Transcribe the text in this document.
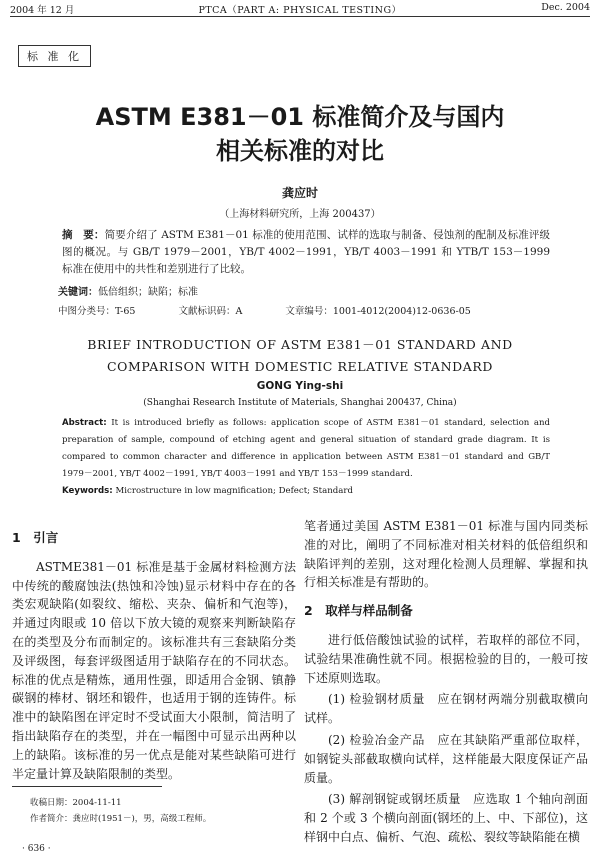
2004 年 12 月	PTCA（PART A: PHYSICAL TESTING）	Dec. 2004
标 准 化
ASTM E381－01 标准简介及与国内
相关标准的对比
龚应时
（上海材料研究所，上海 200437）
摘　要：简要介绍了 ASTM E381－01 标准的使用范围、试样的选取与制备、侵蚀剂的配制及标准评级图的概况。与 GB/T 1979－2001，YB/T 4002－1991，YB/T 4003－1991 和 YTB/T 153－1999 标准在使用中的共性和差别进行了比较。
关键词：低倍组织；缺陷；标准
中图分类号：T-65	文献标识码：A	文章编号：1001-4012(2004)12-0636-05
BRIEF INTRODUCTION OF ASTM E381－01 STANDARD AND
COMPARISON WITH DOMESTIC RELATIVE STANDARD
GONG Ying-shi
(Shanghai Research Institute of Materials, Shanghai 200437, China)
Abstract: It is introduced briefly as follows: application scope of ASTM E381－01 standard, selection and preparation of sample, compound of etching agent and general situation of standard grade diagram. It is compared to common character and difference in application between ASTM E381－01 standard and GB/T 1979－2001, YB/T 4002－1991, YB/T 4003－1991 and YB/T 153－1999 standard.
Keywords: Microstructure in low magnification; Defect; Standard
1　引言

ASTME381－01 标准是基于金属材料检测方法中传统的酸腐蚀法(热蚀和冷蚀)显示材料中存在的各类宏观缺陷(如裂纹、缩松、夹杂、偏析和气泡等)，并通过肉眼或 10 倍以下放大镜的观察来判断缺陷存在的类型及分布而制定的。该标准共有三套缺陷分类及评级图，每套评级图适用于缺陷存在的不同状态。标准的优点是精炼，通用性强，即适用合金钢、镇静碳钢的棒材、钢坯和锻件，也适用于钢的连铸件。标准中的缺陷图在评定时不受试面大小限制，简洁明了指出缺陷存在的类型，并在一幅图中可显示出两种以上的缺陷。该标准的另一优点是能对某些缺陷可进行半定量计算及缺陷限制的类型。

笔者通过美国 ASTM E381－01 标准与国内同类标准的对比，阐明了不同标准对相关材料的低倍组织和缺陷评判的差别，这对理化检测人员理解、掌握和执行相关标准是有帮助的。

2　取样与样品制备

进行低倍酸蚀试验的试样，若取样的部位不同，试验结果准确性就不同。根据检验的目的，一般可按下述原则选取。

(1) 检验钢材质量　应在钢材两端分别截取横向试样。

(2) 检验冶金产品　应在其缺陷严重部位取样，如钢锭头部截取横向试样，这样能最大限度保证产品质量。

(3) 解剖钢锭或钢坯质量　应选取 1 个轴向剖面和 2 个或 3 个横向剖面(钢坯的上、中、下部位)，这样钢中白点、偏析、气泡、疏松、裂纹等缺陷能在横

收稿日期：2004-11-11
作者简介：龚应时(1951－)，男，高级工程师。
· 636 ·
